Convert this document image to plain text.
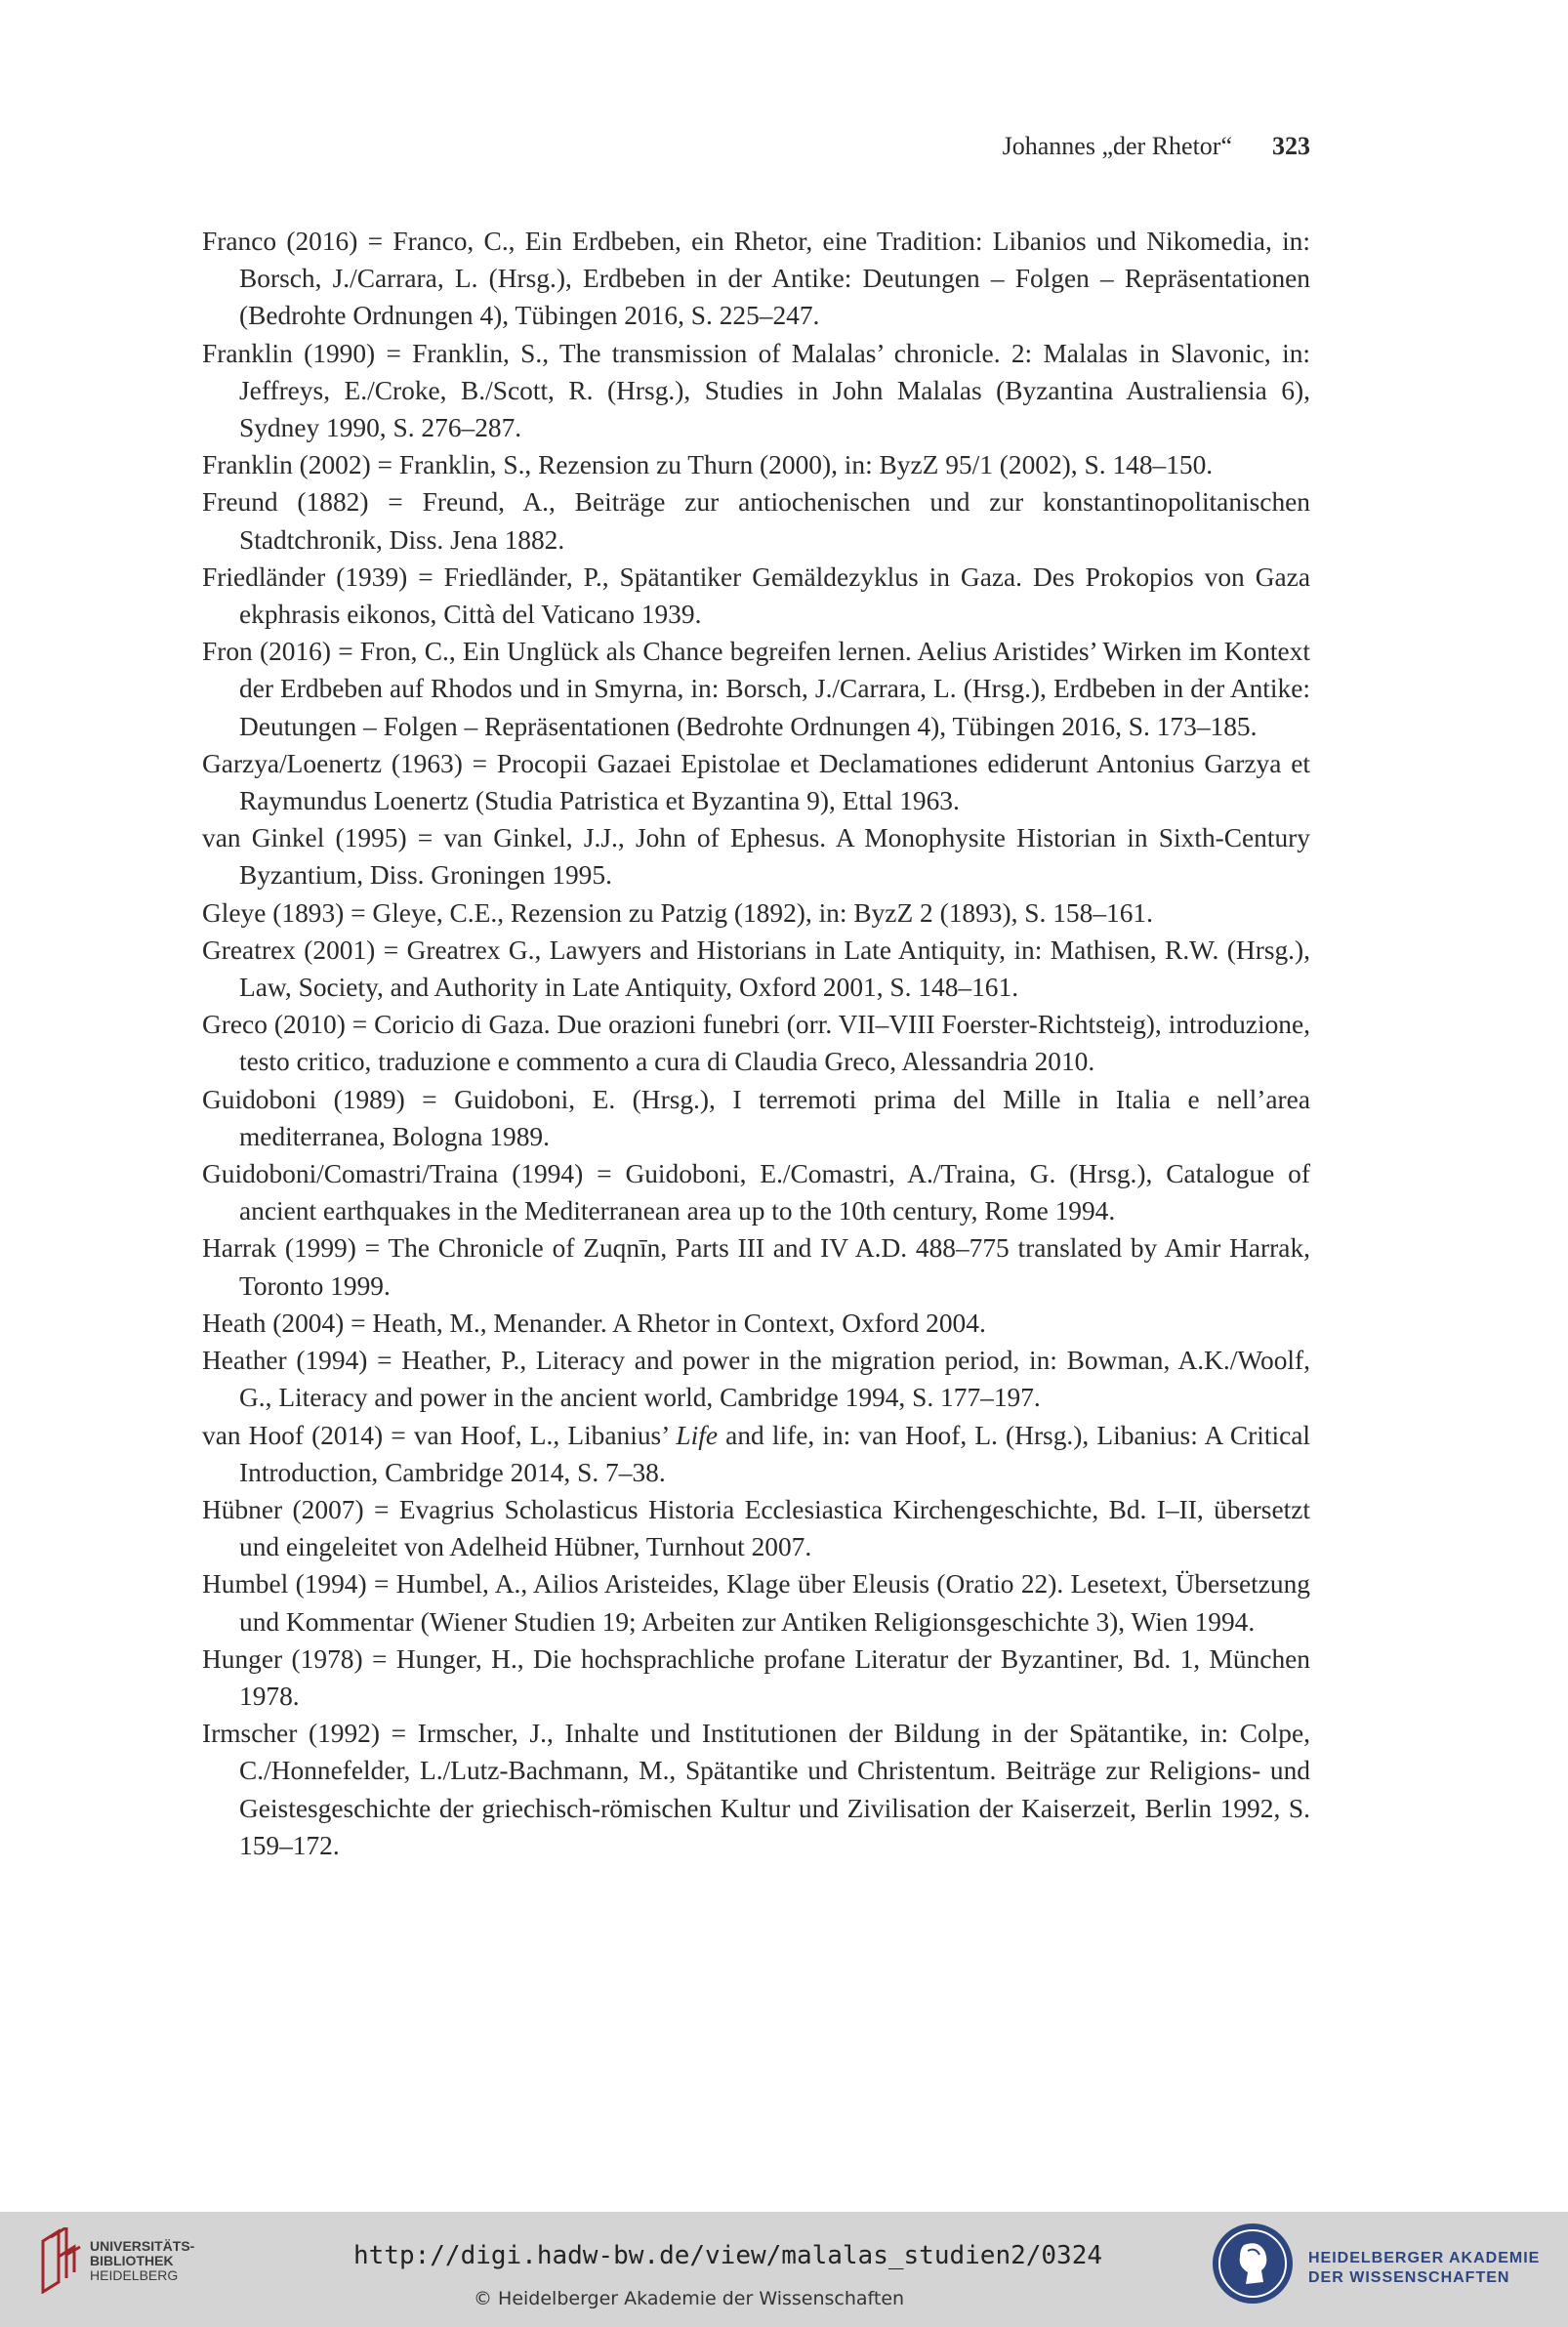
Johannes „der Rhetor“ 323
Franco (2016) = Franco, C., Ein Erdbeben, ein Rhetor, eine Tradition: Libanios und Nikomedia, in: Borsch, J./Carrara, L. (Hrsg.), Erdbeben in der Antike: Deutungen – Folgen – Repräsentationen (Bedrohte Ordnungen 4), Tübingen 2016, S. 225–247.
Franklin (1990) = Franklin, S., The transmission of Malalas’ chronicle. 2: Malalas in Slavonic, in: Jeffreys, E./Croke, B./Scott, R. (Hrsg.), Studies in John Malalas (Byzantina Australiensia 6), Sydney 1990, S. 276–287.
Franklin (2002) = Franklin, S., Rezension zu Thurn (2000), in: ByzZ 95/1 (2002), S. 148–150.
Freund (1882) = Freund, A., Beiträge zur antiochenischen und zur konstantinopolitanischen Stadtchronik, Diss. Jena 1882.
Friedländer (1939) = Friedländer, P., Spätantiker Gemäldezyklus in Gaza. Des Prokopios von Gaza ekphrasis eikonos, Città del Vaticano 1939.
Fron (2016) = Fron, C., Ein Unglück als Chance begreifen lernen. Aelius Aristides’ Wirken im Kontext der Erdbeben auf Rhodos und in Smyrna, in: Borsch, J./Carrara, L. (Hrsg.), Erdbeben in der Antike: Deutungen – Folgen – Repräsentationen (Bedrohte Ordnungen 4), Tübingen 2016, S. 173–185.
Garzya/Loenertz (1963) = Procopii Gazaei Epistolae et Declamationes ediderunt Antonius Garzya et Raymundus Loenertz (Studia Patristica et Byzantina 9), Ettal 1963.
van Ginkel (1995) = van Ginkel, J.J., John of Ephesus. A Monophysite Historian in Sixth-Century Byzantium, Diss. Groningen 1995.
Gleye (1893) = Gleye, C.E., Rezension zu Patzig (1892), in: ByzZ 2 (1893), S. 158–161.
Greatrex (2001) = Greatrex G., Lawyers and Historians in Late Antiquity, in: Mathisen, R.W. (Hrsg.), Law, Society, and Authority in Late Antiquity, Oxford 2001, S. 148–161.
Greco (2010) = Coricio di Gaza. Due orazioni funebri (orr. VII–VIII Foerster-Richtsteig), introduzione, testo critico, traduzione e commento a cura di Claudia Greco, Alessandria 2010.
Guidoboni (1989) = Guidoboni, E. (Hrsg.), I terremoti prima del Mille in Italia e nell’area mediterranea, Bologna 1989.
Guidoboni/Comastri/Traina (1994) = Guidoboni, E./Comastri, A./Traina, G. (Hrsg.), Catalogue of ancient earthquakes in the Mediterranean area up to the 10th century, Rome 1994.
Harrak (1999) = The Chronicle of Zuqnīn, Parts III and IV A.D. 488–775 translated by Amir Harrak, Toronto 1999.
Heath (2004) = Heath, M., Menander. A Rhetor in Context, Oxford 2004.
Heather (1994) = Heather, P., Literacy and power in the migration period, in: Bowman, A.K./Woolf, G., Literacy and power in the ancient world, Cambridge 1994, S. 177–197.
van Hoof (2014) = van Hoof, L., Libanius’ Life and life, in: van Hoof, L. (Hrsg.), Libanius: A Critical Introduction, Cambridge 2014, S. 7–38.
Hübner (2007) = Evagrius Scholasticus Historia Ecclesiastica Kirchengeschichte, Bd. I–II, übersetzt und eingeleitet von Adelheid Hübner, Turnhout 2007.
Humbel (1994) = Humbel, A., Ailios Aristeides, Klage über Eleusis (Oratio 22). Lesetext, Übersetzung und Kommentar (Wiener Studien 19; Arbeiten zur Antiken Religionsgeschichte 3), Wien 1994.
Hunger (1978) = Hunger, H., Die hochsprachliche profane Literatur der Byzantiner, Bd. 1, München 1978.
Irmscher (1992) = Irmscher, J., Inhalte und Institutionen der Bildung in der Spätantike, in: Colpe, C./Honnefelder, L./Lutz-Bachmann, M., Spätantike und Christentum. Beiträge zur Religions- und Geistesgeschichte der griechisch-römischen Kultur und Zivilisation der Kaiserzeit, Berlin 1992, S. 159–172.
UNIVERSITÄTS-
BIBLIOTHEK
HEIDELBERG
http://digi.hadw-bw.de/view/malalas_studien2/0324
© Heidelberger Akademie der Wissenschaften
HEIDELBERGER AKADEMIE
DER WISSENSCHAFTEN
